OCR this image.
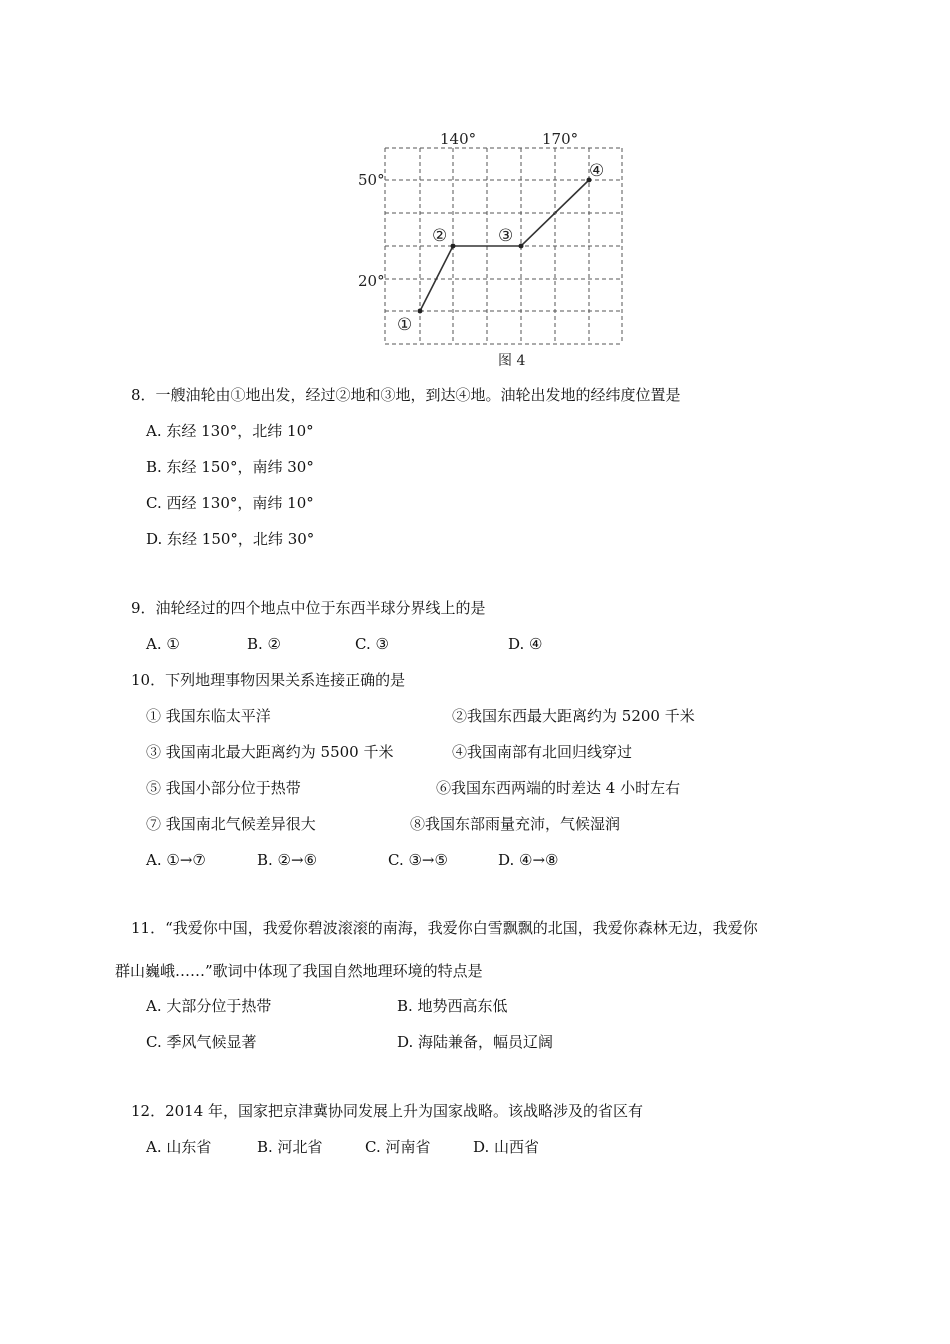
140°	170°
50°
20°
①
②	③
④
图 4
8．一艘油轮由①地出发，经过②地和③地，到达④地。油轮出发地的经纬度位置是
A. 东经 130°，北纬 10°
B. 东经 150°，南纬 30°
C. 西经 130°，南纬 10°
D. 东经 150°，北纬 30°
9．油轮经过的四个地点中位于东西半球分界线上的是
A. ①	B. ②	C. ③	D. ④
10．下列地理事物因果关系连接正确的是
① 我国东临太平洋	②我国东西最大距离约为 5200 千米
③ 我国南北最大距离约为 5500 千米	④我国南部有北回归线穿过
⑤ 我国小部分位于热带	⑥我国东西两端的时差达 4 小时左右
⑦ 我国南北气候差异很大	⑧我国东部雨量充沛，气候湿润
A. ①→⑦	B. ②→⑥	C. ③→⑤	D. ④→⑧
11．“我爱你中国，我爱你碧波滚滚的南海，我爱你白雪飘飘的北国，我爱你森林无边，我爱你
群山巍峨……”歌词中体现了我国自然地理环境的特点是
A. 大部分位于热带	B. 地势西高东低
C. 季风气候显著	D. 海陆兼备，幅员辽阔
12．2014 年，国家把京津冀协同发展上升为国家战略。该战略涉及的省区有
A. 山东省	B. 河北省	C. 河南省	D. 山西省
